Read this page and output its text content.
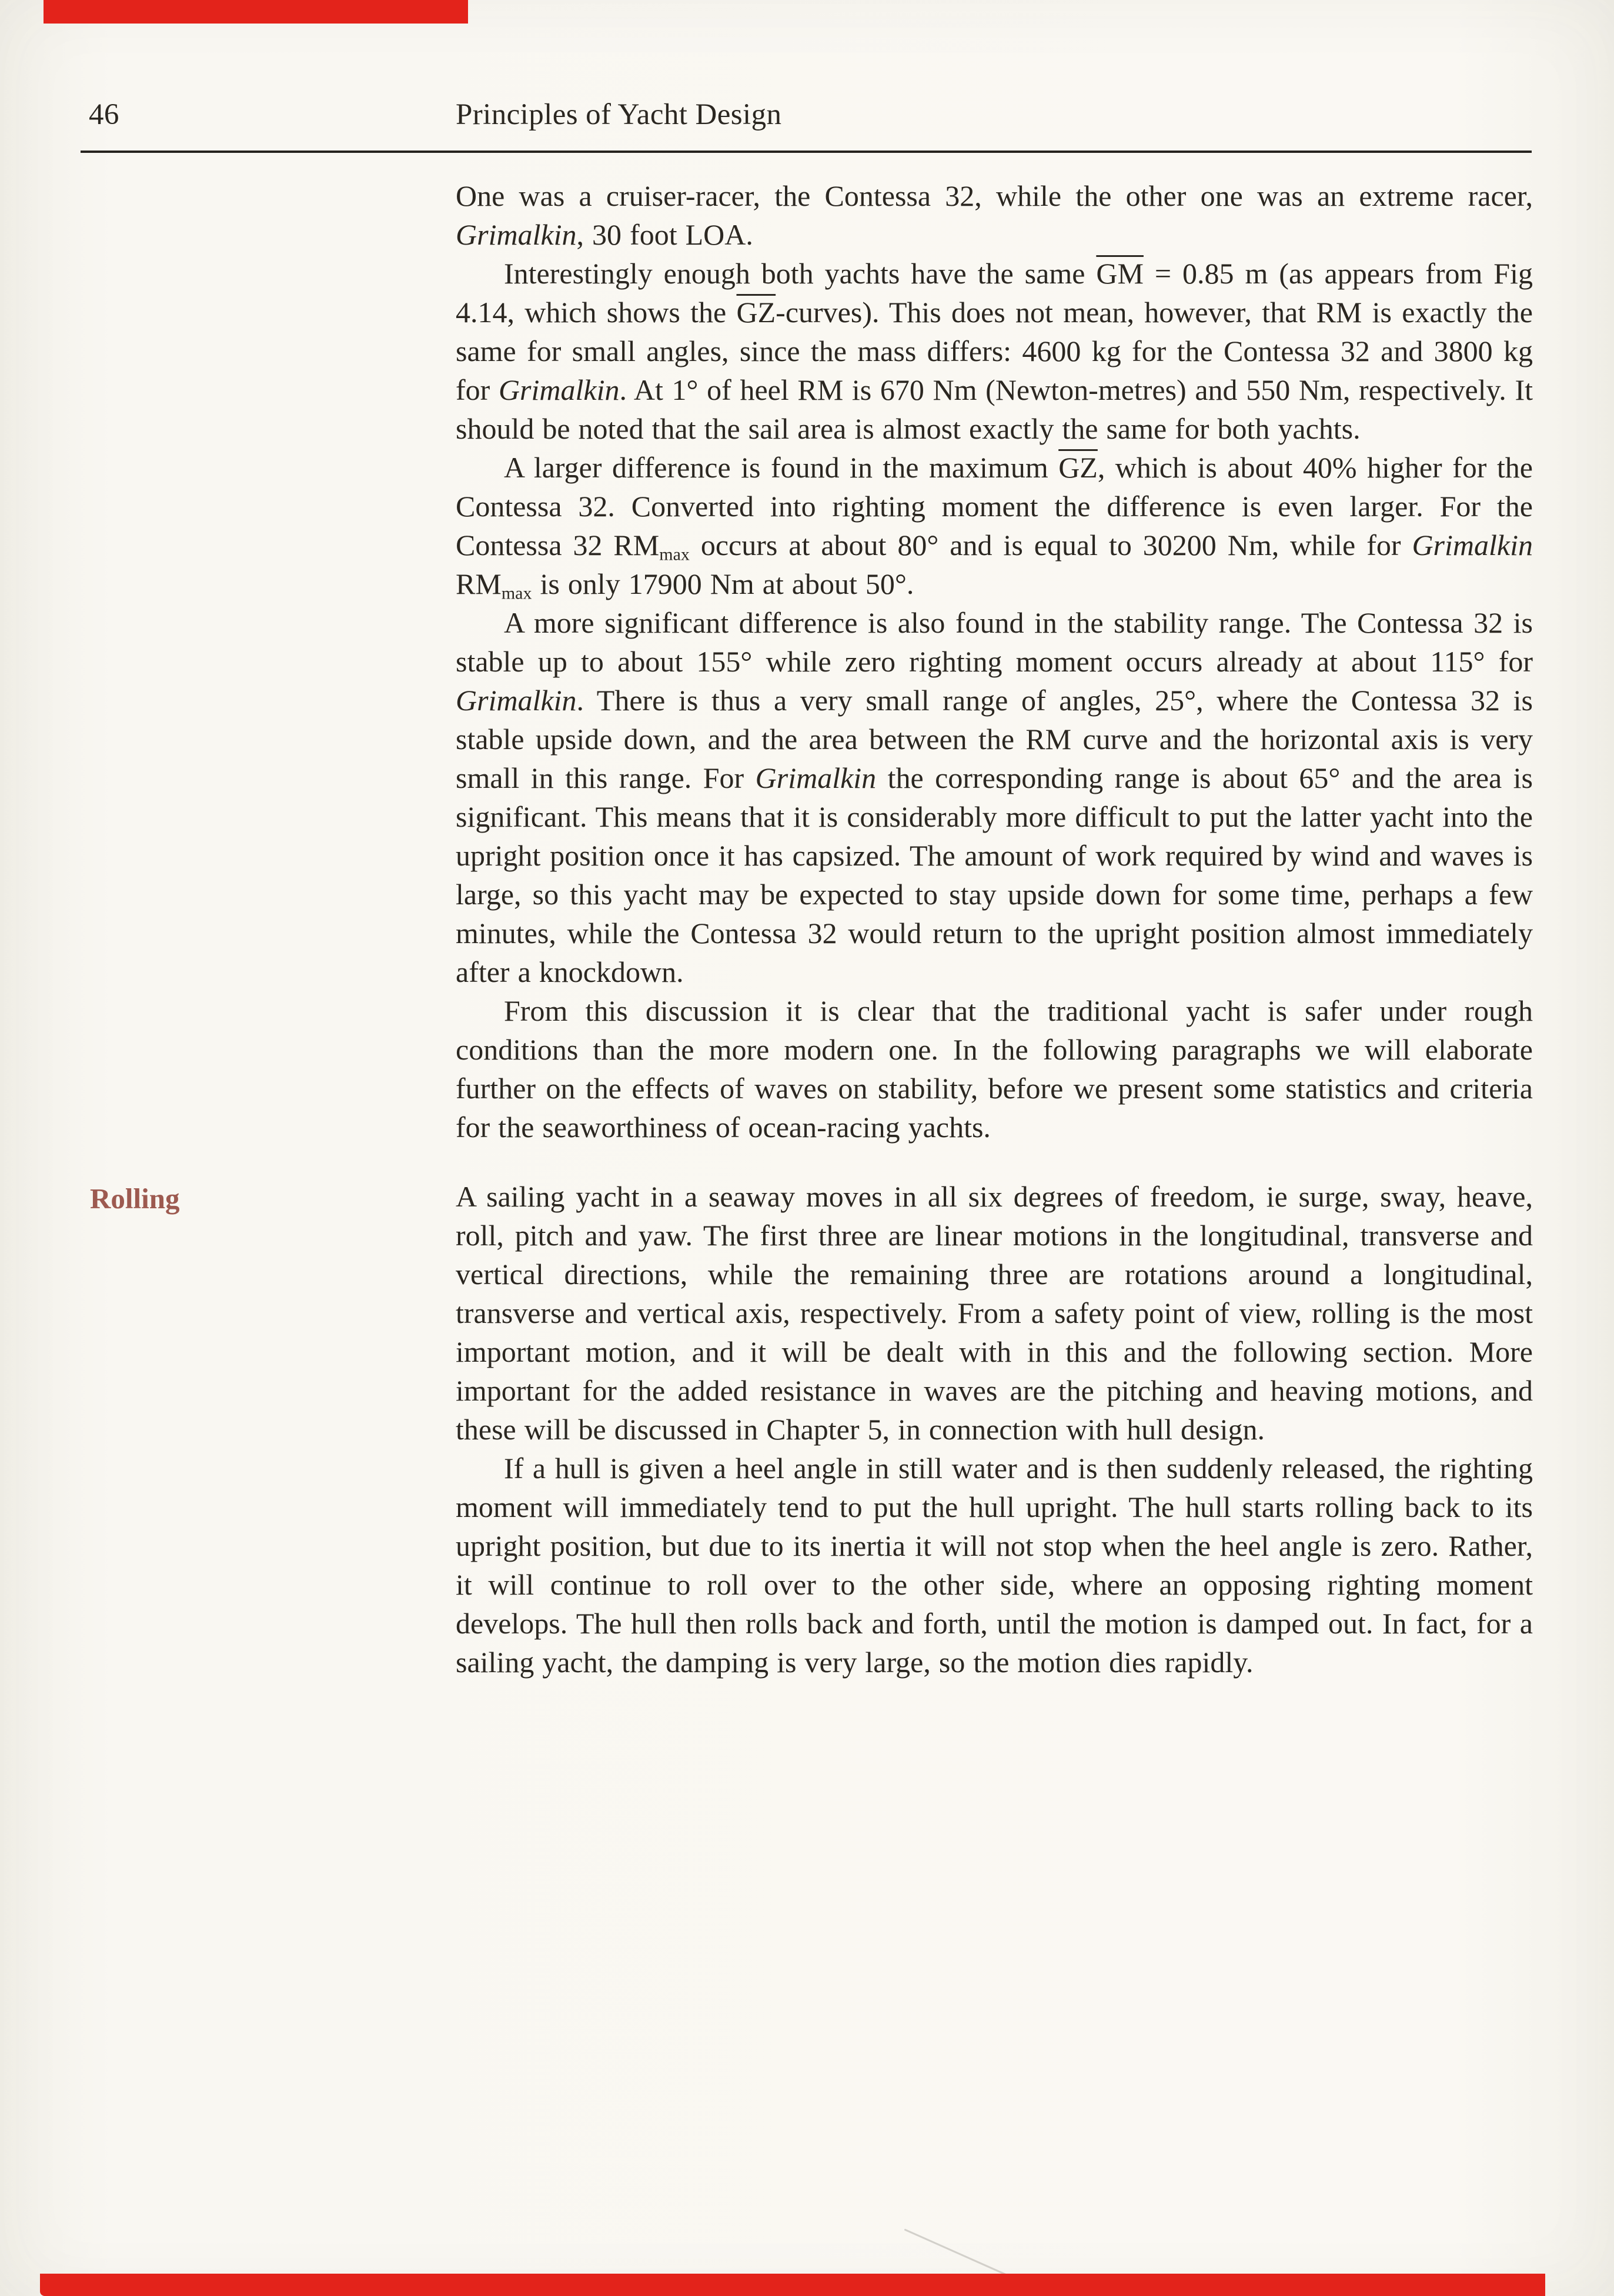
46	Principles of Yacht Design
One was a cruiser-racer, the Contessa 32, while the other one was an extreme racer, Grimalkin, 30 foot LOA.
Interestingly enough both yachts have the same $\overline{GM} = 0.85$ m (as appears from Fig 4.14, which shows the $\overline{GZ}-curves$). This does not mean, however, that RM is exactly the same for small angles, since the mass differs: 4600 kg for the Contessa 32 and 3800 kg for Grimalkin. At 1° of heel RM is 670 Nm (Newton-metres) and 550 Nm, respectively. It should be noted that the sail area is almost exactly the same for both yachts.
A larger difference is found in the maximum $\overline{GZ}$, which is about 40% higher for the Contessa 32. Converted into righting moment the difference is even larger. For the Contessa 32 $RM_{max}$ occurs at about 80° and is equal to 30200 Nm, while for Grimalkin $RM_{max}$ is only 17900 Nm at about 50°.
A more significant difference is also found in the stability range. The Contessa 32 is stable up to about 155° while zero righting moment occurs already at about 115° for Grimalkin. There is thus a very small range of angles, 25°, where the Contessa 32 is stable upside down, and the area between the RM curve and the horizontal axis is very small in this range. For Grimalkin the corresponding range is about 65° and the area is significant. This means that it is considerably more difficult to put the latter yacht into the upright position once it has capsized. The amount of work required by wind and waves is large, so this yacht may be expected to stay upside down for some time, perhaps a few minutes, while the Contessa 32 would return to the upright position almost immediately after a knockdown.
From this discussion it is clear that the traditional yacht is safer under rough conditions than the more modern one. In the following paragraphs we will elaborate further on the effects of waves on stability, before we present some statistics and criteria for the seaworthiness of ocean-racing yachts.
Rolling	A sailing yacht in a seaway moves in all six degrees of freedom, ie surge, sway, heave, roll, pitch and yaw. The first three are linear motions in the longitudinal, transverse and vertical directions, while the remaining three are rotations around a longitudinal, transverse and vertical axis, respectively. From a safety point of view, rolling is the most important motion, and it will be dealt with in this and the following section. More important for the added resistance in waves are the pitching and heaving motions, and these will be discussed in Chapter 5, in connection with hull design.
If a hull is given a heel angle in still water and is then suddenly released, the righting moment will immediately tend to put the hull upright. The hull starts rolling back to its upright position, but due to its inertia it will not stop when the heel angle is zero. Rather, it will continue to roll over to the other side, where an opposing righting moment develops. The hull then rolls back and forth, until the motion is damped out. In fact, for a sailing yacht, the damping is very large, so the motion dies rapidly.
